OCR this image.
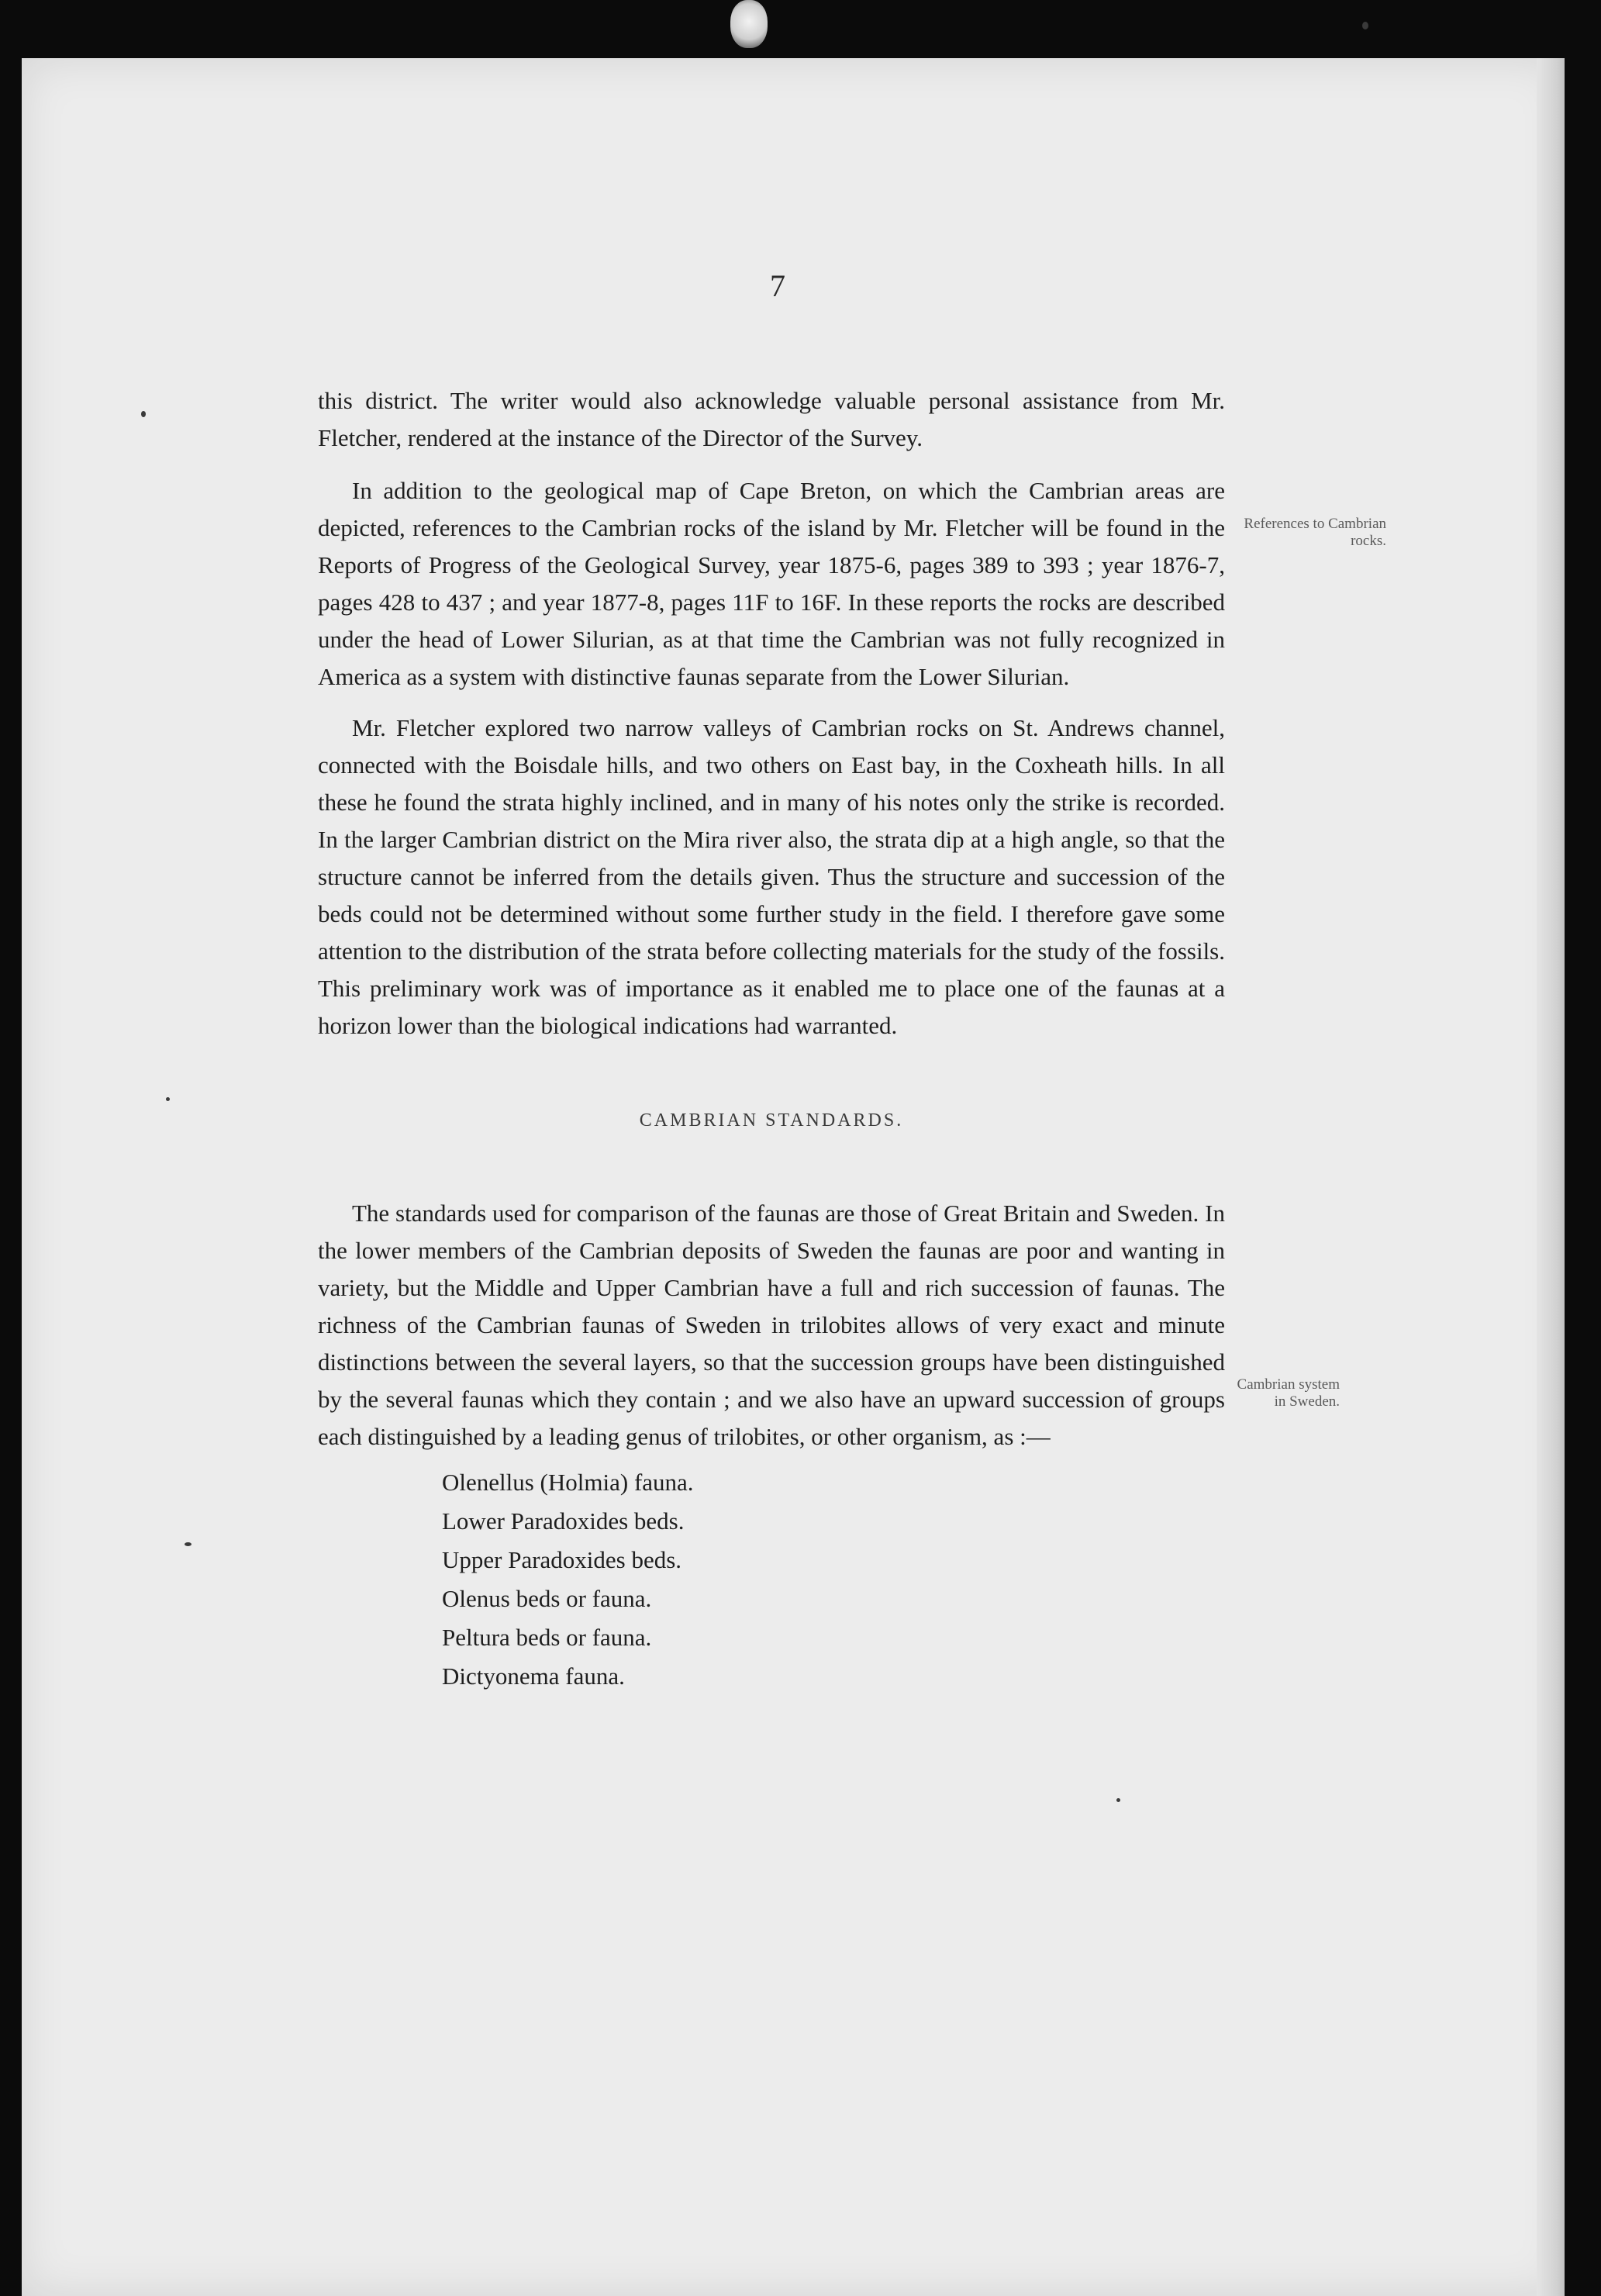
7

this district. The writer would also acknowledge valuable personal assistance from Mr. Fletcher, rendered at the instance of the Director of the Survey.

In addition to the geological map of Cape Breton, on which the Cambrian areas are depicted, references to the Cambrian rocks of the island by Mr. Fletcher will be found in the Reports of Progress of the Geological Survey, year 1875-6, pages 389 to 393 ; year 1876-7, pages 428 to 437 ; and year 1877-8, pages 11F to 16F. In these reports the rocks are described under the head of Lower Silurian, as at that time the Cambrian was not fully recognized in America as a system with distinctive faunas separate from the Lower Silurian.

Mr. Fletcher explored two narrow valleys of Cambrian rocks on St. Andrews channel, connected with the Boisdale hills, and two others on East bay, in the Coxheath hills. In all these he found the strata highly inclined, and in many of his notes only the strike is recorded. In the larger Cambrian district on the Mira river also, the strata dip at a high angle, so that the structure cannot be inferred from the details given. Thus the structure and succession of the beds could not be determined without some further study in the field. I therefore gave some attention to the distribution of the strata before collecting materials for the study of the fossils. This preliminary work was of importance as it enabled me to place one of the faunas at a horizon lower than the biological indications had warranted.

CAMBRIAN STANDARDS.

The standards used for comparison of the faunas are those of Great Britain and Sweden. In the lower members of the Cambrian deposits of Sweden the faunas are poor and wanting in variety, but the Middle and Upper Cambrian have a full and rich succession of faunas. The richness of the Cambrian faunas of Sweden in trilobites allows of very exact and minute distinctions between the several layers, so that the succession groups have been distinguished by the several faunas which they contain ; and we also have an upward succession of groups each distinguished by a leading genus of trilobites, or other organism, as :—

Olenellus (Holmia) fauna.
Lower Paradoxides beds.
Upper Paradoxides beds.
Olenus beds or fauna.
Peltura beds or fauna.
Dictyonema fauna.
References to Cambrian rocks.
Cambrian system in Sweden.
